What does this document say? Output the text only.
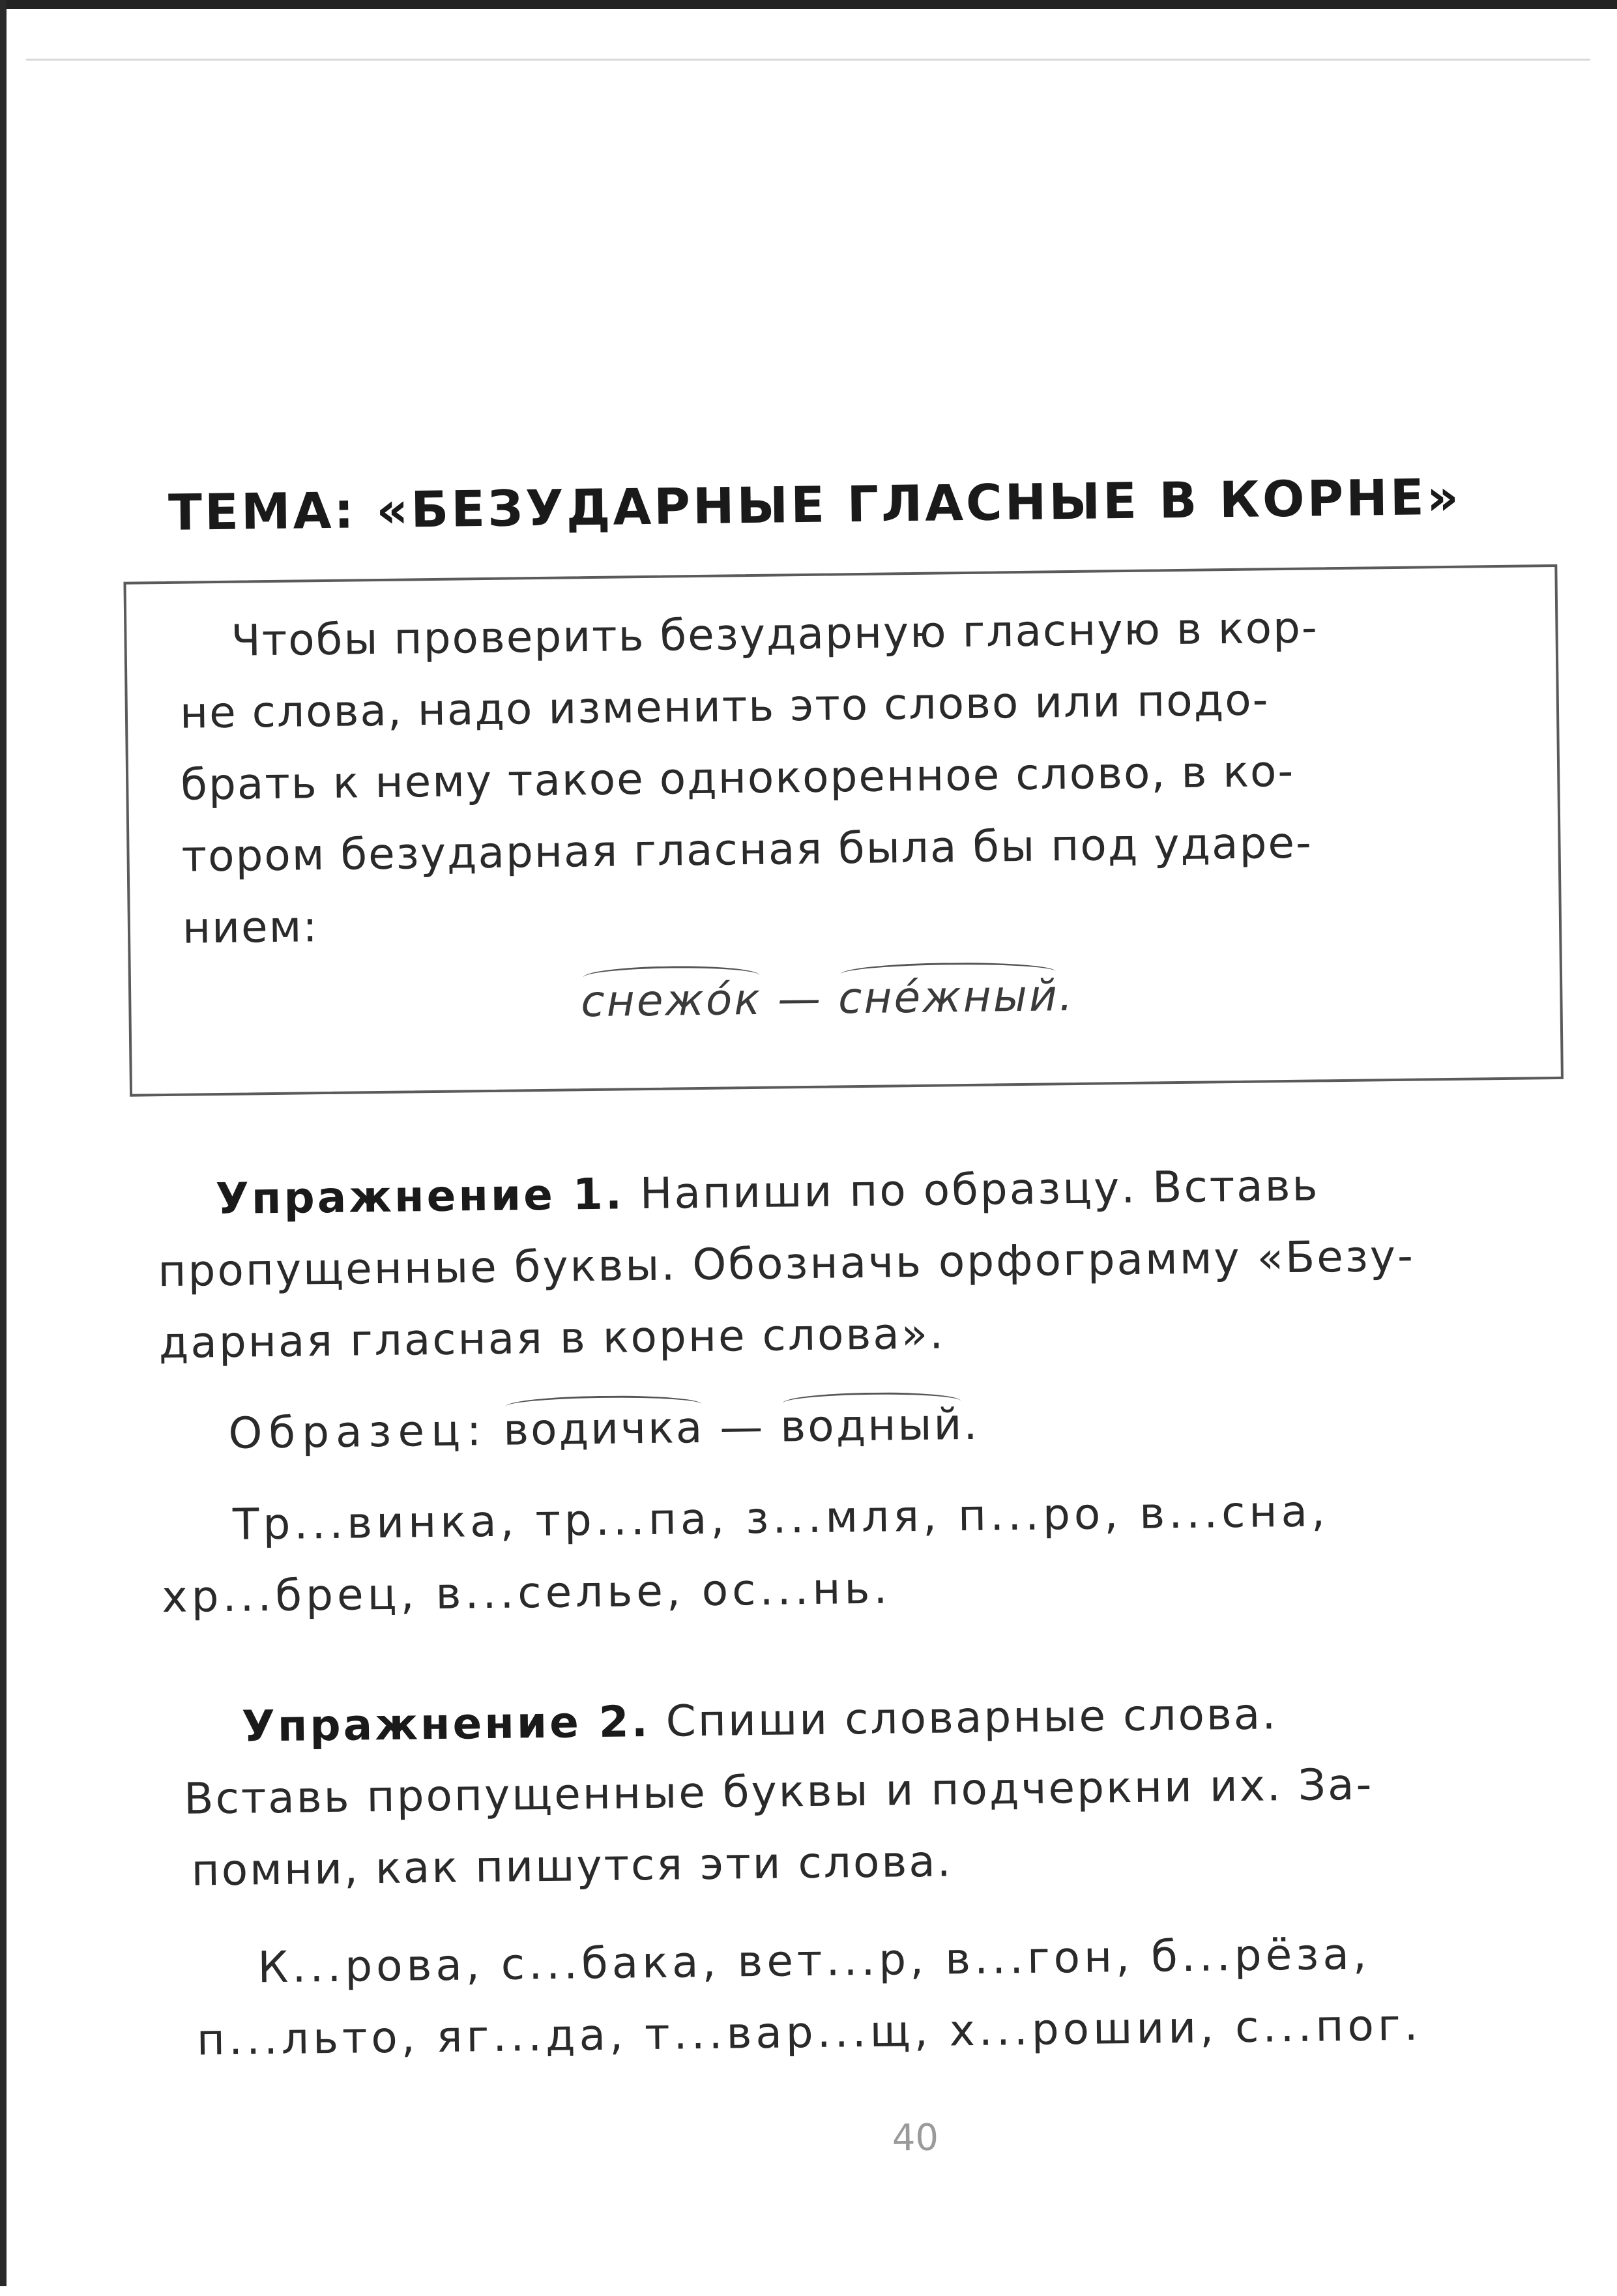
ТЕМА: «БЕЗУДАРНЫЕ ГЛАСНЫЕ В КОРНЕ»
Чтобы проверить безударную гласную в кор-
не слова, надо изменить это слово или подо-
брать к нему такое однокоренное слово, в ко-
тором безударная гласная была бы под ударе-
нием:
снежо́к — сне́жный.
Упражнение 1. Напиши по образцу. Вставь
пропущенные буквы. Обозначь орфограмму «Безу-
дарная гласная в корне слова».
Образец: водичка — водный.
Тр...винка, тр...па, з...мля, п...ро, в...сна,
хр...брец, в...селье, ос...нь.
Упражнение 2. Спиши словарные слова.
Вставь пропущенные буквы и подчеркни их. За-
помни, как пишутся эти слова.
К...рова, с...бака, вет...р, в...гон, б...рёза,
п...льто, яг...да, т...вар...щ, х...рошии, с...пог.
40
